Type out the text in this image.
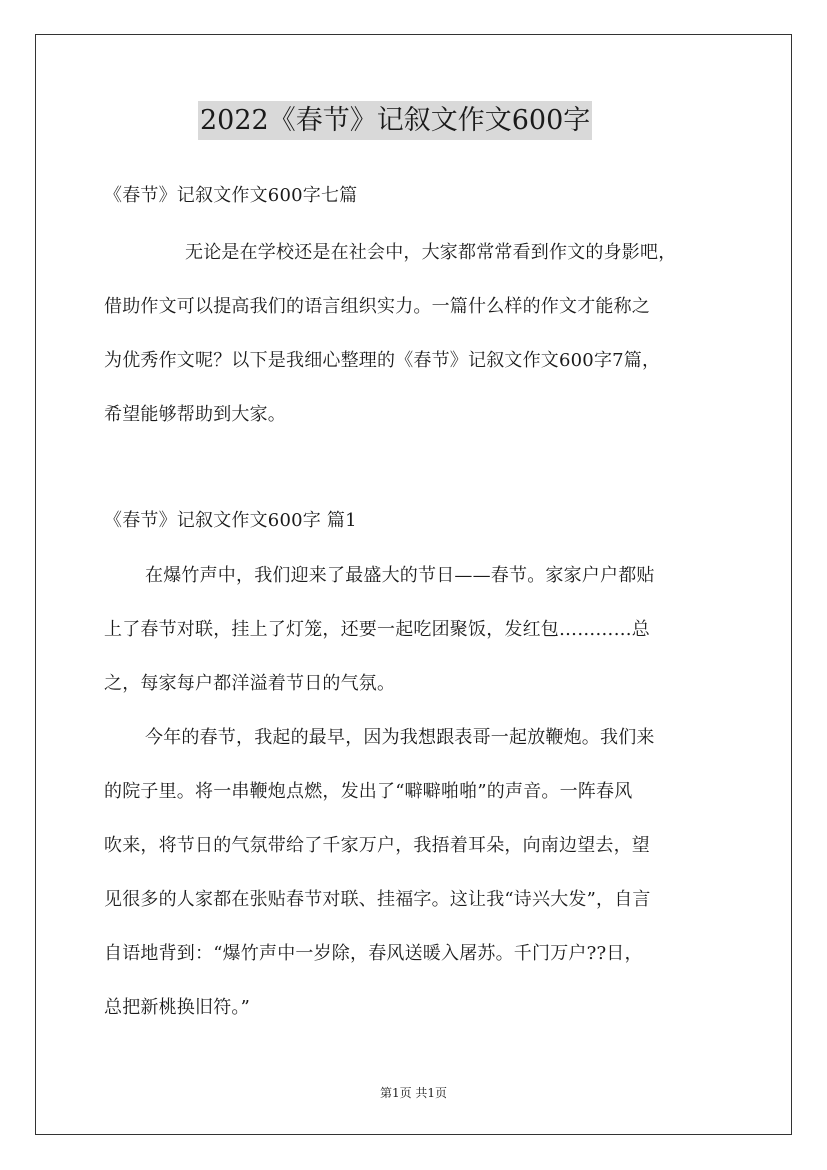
2022《春节》记叙文作文600字
《春节》记叙文作文600字七篇
无论是在学校还是在社会中，大家都常常看到作文的身影吧，
借助作文可以提高我们的语言组织实力。一篇什么样的作文才能称之
为优秀作文呢？以下是我细心整理的《春节》记叙文作文600字7篇，
希望能够帮助到大家。
《春节》记叙文作文600字 篇1
在爆竹声中，我们迎来了最盛大的节日——春节。家家户户都贴
上了春节对联，挂上了灯笼，还要一起吃团聚饭，发红包…………总
之，每家每户都洋溢着节日的气氛。
今年的春节，我起的最早，因为我想跟表哥一起放鞭炮。我们来
的院子里。将一串鞭炮点燃，发出了“噼噼啪啪”的声音。一阵春风
吹来，将节日的气氛带给了千家万户，我捂着耳朵，向南边望去，望
见很多的人家都在张贴春节对联、挂福字。这让我“诗兴大发”，自言
自语地背到：“爆竹声中一岁除，春风送暖入屠苏。千门万户??日，
总把新桃换旧符。”
第1页 共1页
